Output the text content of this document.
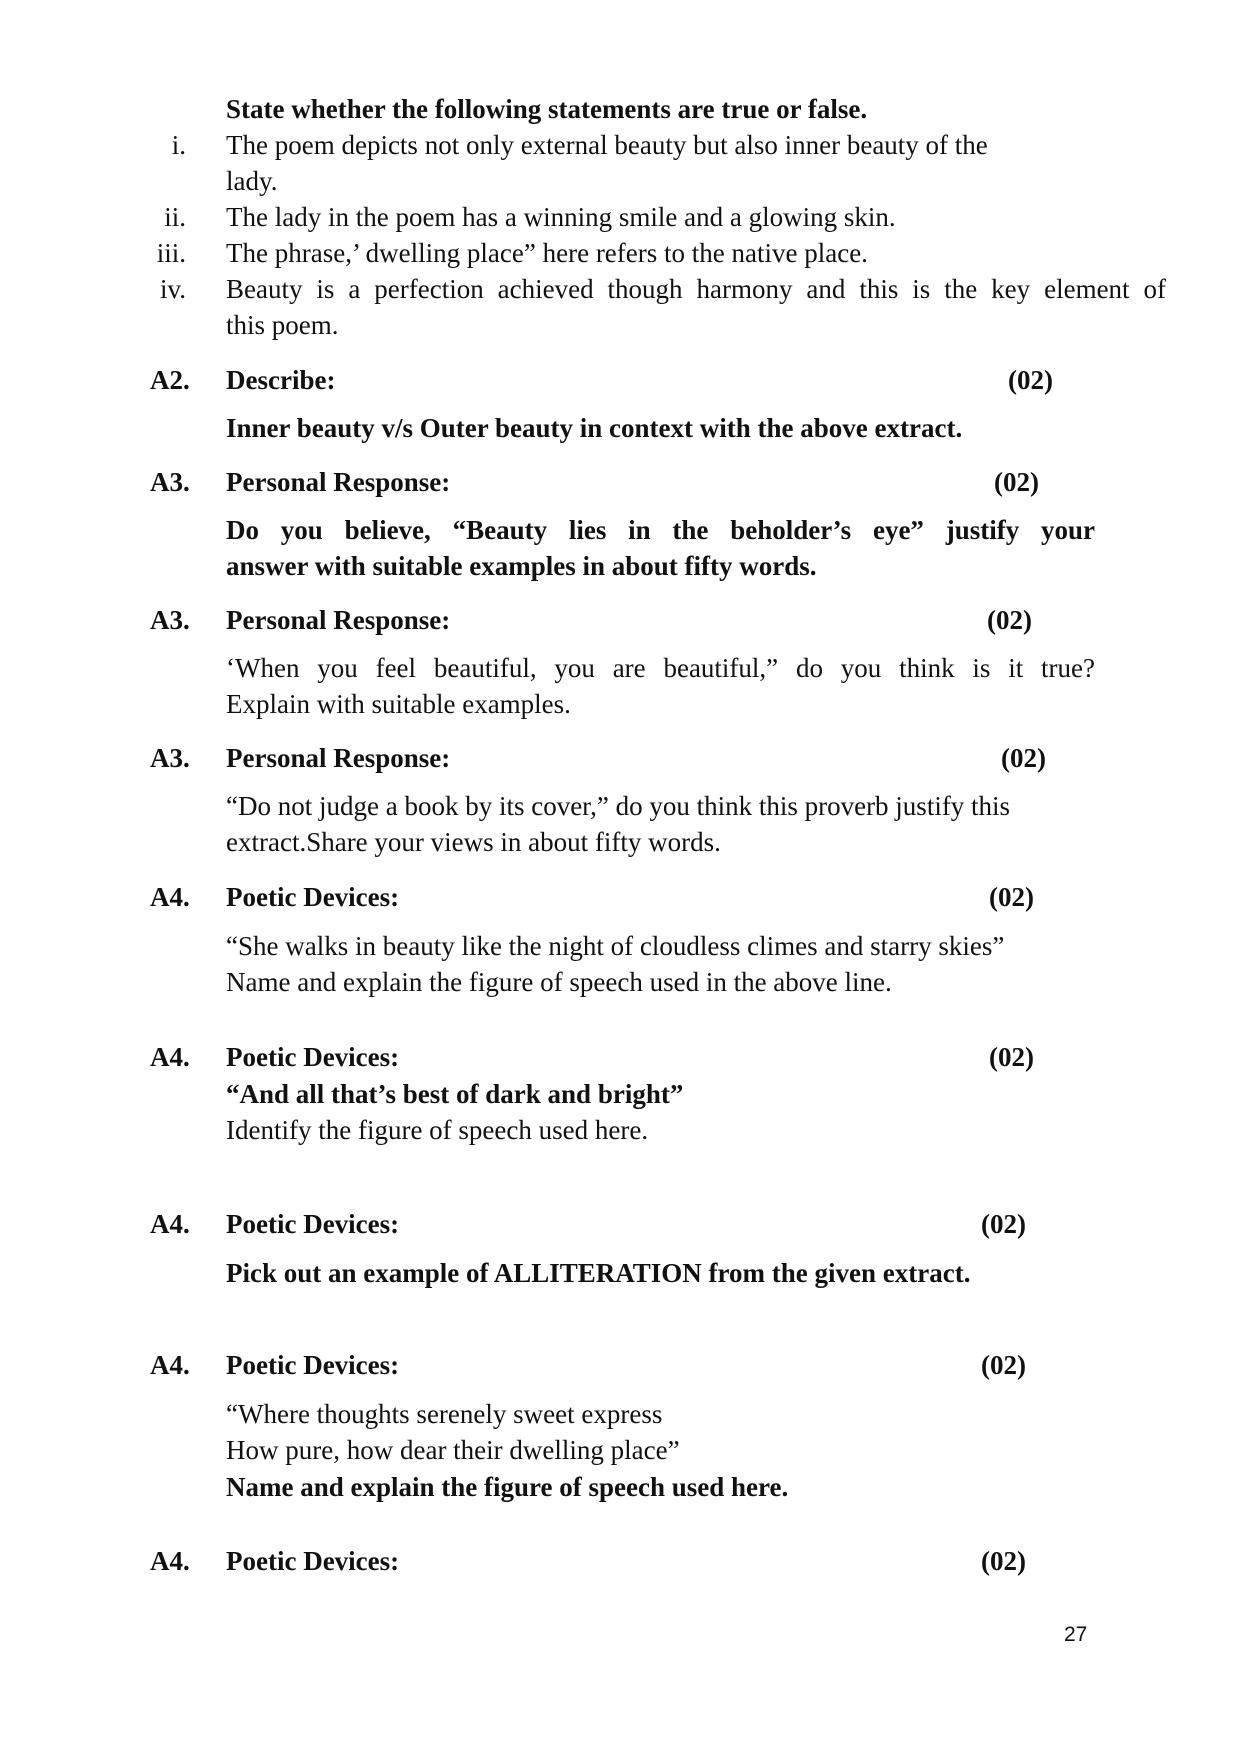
State whether the following statements are true or false.
i. The poem depicts not only external beauty but also inner beauty of the
lady.
ii. The lady in the poem has a winning smile and a glowing skin.
iii. The phrase,’ dwelling place” here refers to the native place.
iv. Beauty is a perfection achieved though harmony and this is the key element of
this poem.
A2. Describe:	(02)
Inner beauty v/s Outer beauty in context with the above extract.
A3. Personal Response:	(02)
Do you believe, “Beauty lies in the beholder’s eye” justify your
answer with suitable examples in about fifty words.
A3. Personal Response:	(02)
‘When you feel beautiful, you are beautiful,” do you think is it true?
Explain with suitable examples.
A3. Personal Response:	(02)
“Do not judge a book by its cover,” do you think this proverb justify this
extract.Share your views in about fifty words.
A4. Poetic Devices:	(02)
“She walks in beauty like the night of cloudless climes and starry skies”
Name and explain the figure of speech used in the above line.
A4. Poetic Devices:	(02)
“And all that’s best of dark and bright”
Identify the figure of speech used here.
A4. Poetic Devices:	(02)
Pick out an example of ALLITERATION from the given extract.
A4. Poetic Devices:	(02)
“Where thoughts serenely sweet express
How pure, how dear their dwelling place”
Name and explain the figure of speech used here.
A4. Poetic Devices:	(02)
27
